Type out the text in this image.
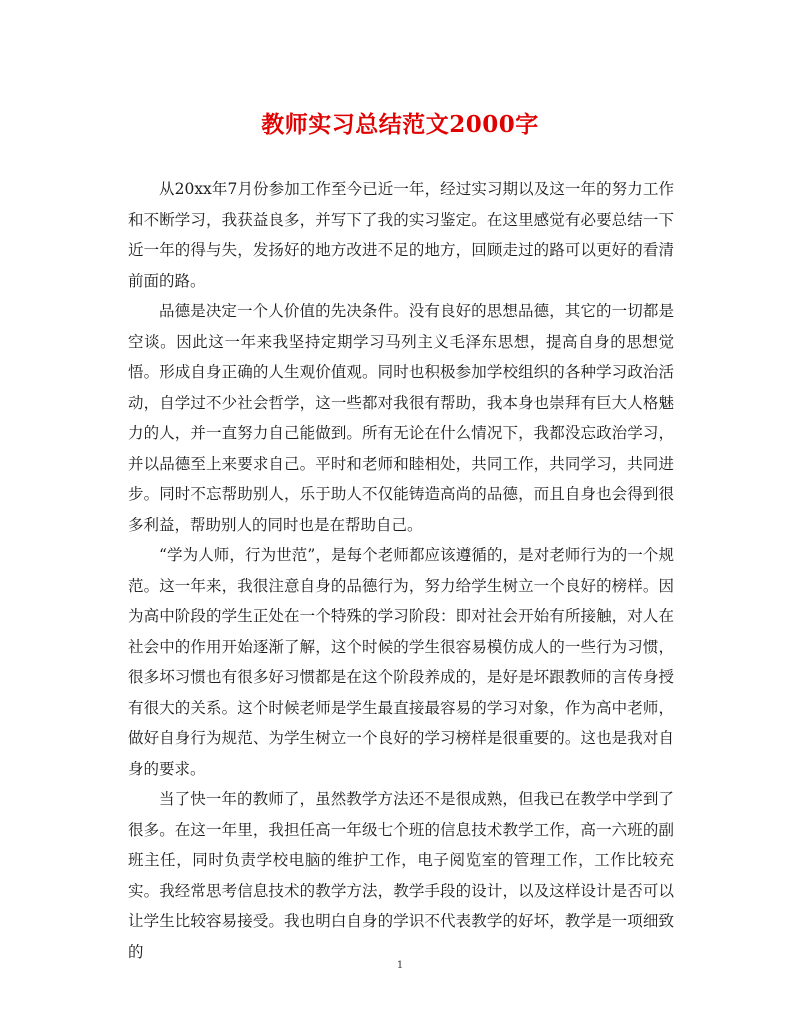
教师实习总结范文2000字

从20xx年7月份参加工作至今已近一年，经过实习期以及这一年的努力工作和不断学习，我获益良多，并写下了我的实习鉴定。在这里感觉有必要总结一下近一年的得与失，发扬好的地方改进不足的地方，回顾走过的路可以更好的看清前面的路。

品德是决定一个人价值的先决条件。没有良好的思想品德，其它的一切都是空谈。因此这一年来我坚持定期学习马列主义毛泽东思想，提高自身的思想觉悟。形成自身正确的人生观价值观。同时也积极参加学校组织的各种学习政治活动，自学过不少社会哲学，这一些都对我很有帮助，我本身也崇拜有巨大人格魅力的人，并一直努力自己能做到。所有无论在什么情况下，我都没忘政治学习，并以品德至上来要求自己。平时和老师和睦相处，共同工作，共同学习，共同进步。同时不忘帮助别人，乐于助人不仅能铸造高尚的品德，而且自身也会得到很多利益，帮助别人的同时也是在帮助自己。

“学为人师，行为世范”，是每个老师都应该遵循的，是对老师行为的一个规范。这一年来，我很注意自身的品德行为，努力给学生树立一个良好的榜样。因为高中阶段的学生正处在一个特殊的学习阶段：即对社会开始有所接触，对人在社会中的作用开始逐渐了解，这个时候的学生很容易模仿成人的一些行为习惯，很多坏习惯也有很多好习惯都是在这个阶段养成的，是好是坏跟教师的言传身授有很大的关系。这个时候老师是学生最直接最容易的学习对象，作为高中老师，做好自身行为规范、为学生树立一个良好的学习榜样是很重要的。这也是我对自身的要求。

当了快一年的教师了，虽然教学方法还不是很成熟，但我已在教学中学到了很多。在这一年里，我担任高一年级七个班的信息技术教学工作，高一六班的副班主任，同时负责学校电脑的维护工作，电子阅览室的管理工作，工作比较充实。我经常思考信息技术的教学方法，教学手段的设计，以及这样设计是否可以让学生比较容易接受。我也明白自身的学识不代表教学的好坏，教学是一项细致的

1
